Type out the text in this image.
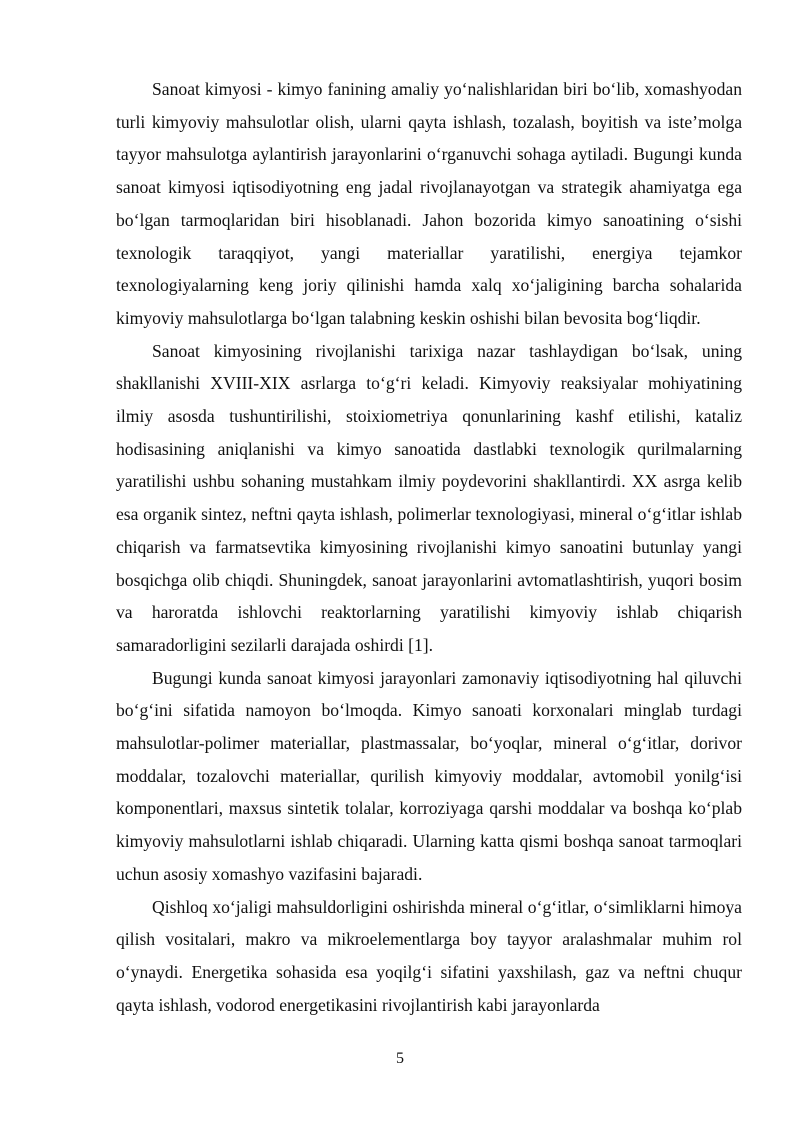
Sanoat kimyosi - kimyo fanining amaliy yo‘nalishlaridan biri bo‘lib, xomashyodan turli kimyoviy mahsulotlar olish, ularni qayta ishlash, tozalash, boyitish va iste’molga tayyor mahsulotga aylantirish jarayonlarini o‘rganuvchi sohaga aytiladi. Bugungi kunda sanoat kimyosi iqtisodiyotning eng jadal rivojlanayotgan va strategik ahamiyatga ega bo‘lgan tarmoqlaridan biri hisoblanadi. Jahon bozorida kimyo sanoatining o‘sishi texnologik taraqqiyot, yangi materiallar yaratilishi, energiya tejamkor texnologiyalarning keng joriy qilinishi hamda xalq xo‘jaligining barcha sohalarida kimyoviy mahsulotlarga bo‘lgan talabning keskin oshishi bilan bevosita bog‘liqdir.

Sanoat kimyosining rivojlanishi tarixiga nazar tashlaydigan bo‘lsak, uning shakllanishi XVIII-XIX asrlarga to‘g‘ri keladi. Kimyoviy reaksiyalar mohiyatining ilmiy asosda tushuntirilishi, stoixiometriya qonunlarining kashf etilishi, kataliz hodisasining aniqlanishi va kimyo sanoatida dastlabki texnologik qurilmalarning yaratilishi ushbu sohaning mustahkam ilmiy poydevorini shakllantirdi. XX asrga kelib esa organik sintez, neftni qayta ishlash, polimerlar texnologiyasi, mineral o‘g‘itlar ishlab chiqarish va farmatsevtika kimyosining rivojlanishi kimyo sanoatini butunlay yangi bosqichga olib chiqdi. Shuningdek, sanoat jarayonlarini avtomatlashtirish, yuqori bosim va haroratda ishlovchi reaktorlarning yaratilishi kimyoviy ishlab chiqarish samaradorligini sezilarli darajada oshirdi [1].

Bugungi kunda sanoat kimyosi jarayonlari zamonaviy iqtisodiyotning hal qiluvchi bo‘g‘ini sifatida namoyon bo‘lmoqda. Kimyo sanoati korxonalari minglab turdagi mahsulotlar-polimer materiallar, plastmassalar, bo‘yoqlar, mineral o‘g‘itlar, dorivor moddalar, tozalovchi materiallar, qurilish kimyoviy moddalar, avtomobil yonilg‘isi komponentlari, maxsus sintetik tolalar, korroziyaga qarshi moddalar va boshqa ko‘plab kimyoviy mahsulotlarni ishlab chiqaradi. Ularning katta qismi boshqa sanoat tarmoqlari uchun asosiy xomashyo vazifasini bajaradi.

Qishloq xo‘jaligi mahsuldorligini oshirishda mineral o‘g‘itlar, o‘simliklarni himoya qilish vositalari, makro va mikroelementlarga boy tayyor aralashmalar muhim rol o‘ynaydi. Energetika sohasida esa yoqilg‘i sifatini yaxshilash, gaz va neftni chuqur qayta ishlash, vodorod energetikasini rivojlantirish kabi jarayonlarda

5
